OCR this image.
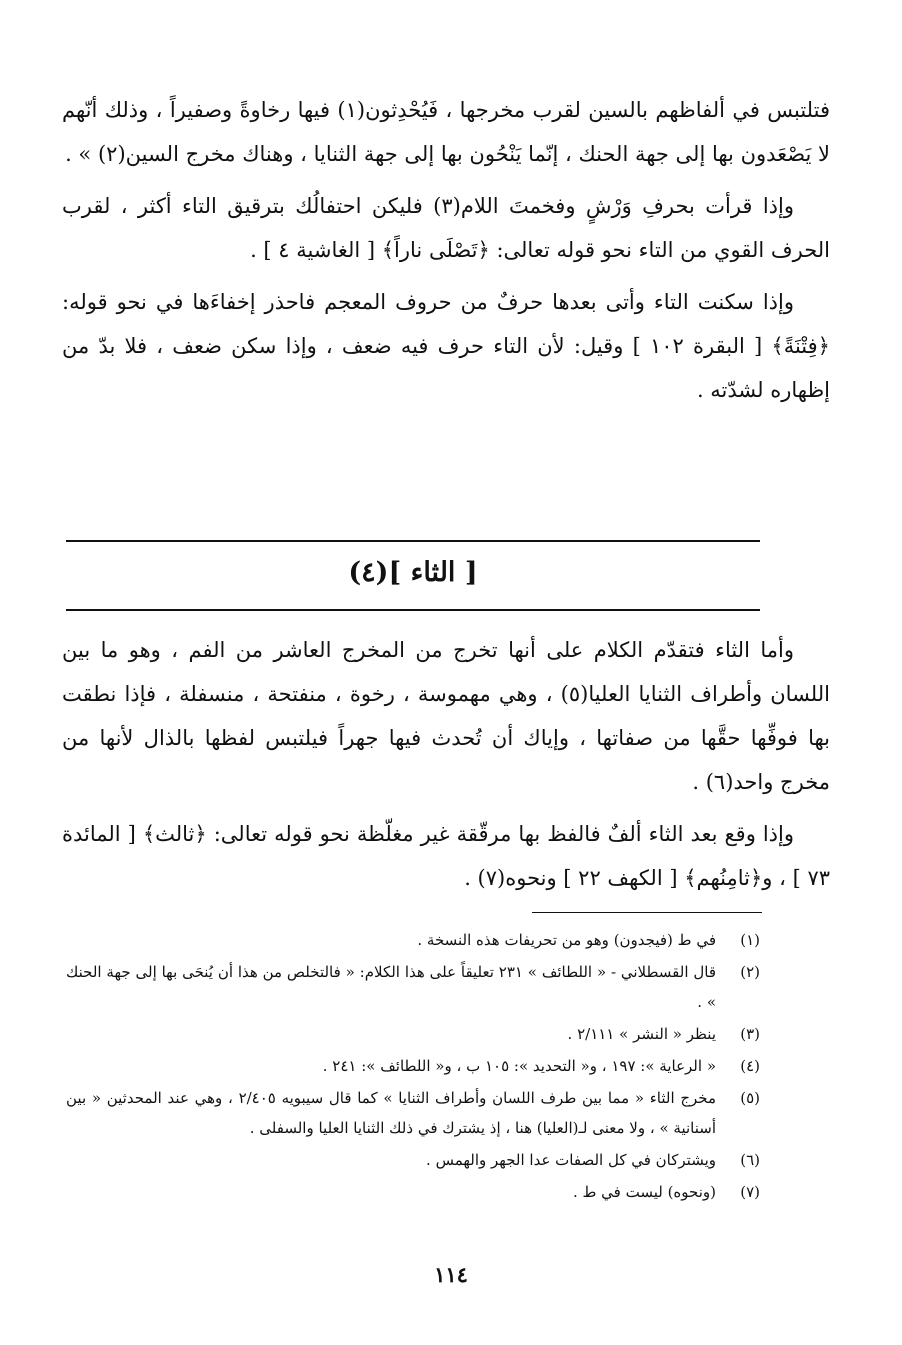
فتلتبس في ألفاظهم بالسين لقرب مخرجها ، فَيُحْدِثون(١) فيها رخاوةً وصفيراً ، وذلك أنّهم لا يَصْعَدون بها إلى جهة الحنك ، إنّما يَنْحُون بها إلى جهة الثنايا ، وهناك مخرج السين(٢) » .

وإذا قرأت بحرفِ وَرْشٍ وفخمتَ اللام(٣) فليكن احتفالُك بترقيق التاء أكثر ، لقرب الحرف القوي من التاء نحو قوله تعالى: ﴿تَصْلَى ناراً﴾ [ الغاشية ٤ ] .

وإذا سكنت التاء وأتى بعدها حرفٌ من حروف المعجم فاحذر إخفاءَها في نحو قوله: ﴿فِتْنَةً﴾ [ البقرة ١٠٢ ] وقيل: لأن التاء حرف فيه ضعف ، وإذا سكن ضعف ، فلا بدّ من إظهاره لشدّته .

[ الثاء ](٤)

وأما الثاء فتقدّم الكلام على أنها تخرج من المخرج العاشر من الفم ، وهو ما بين اللسان وأطراف الثنايا العليا(٥) ، وهي مهموسة ، رخوة ، منفتحة ، منسفلة ، فإذا نطقت بها فوفِّها حقَّها من صفاتها ، وإياك أن تُحدث فيها جهراً فيلتبس لفظها بالذال لأنها من مخرج واحد(٦) .

وإذا وقع بعد الثاء ألفٌ فالفظ بها مرقّقة غير مغلّظة نحو قوله تعالى: ﴿ثالث﴾ [ المائدة ٧٣ ] ، و﴿ثامِنُهم﴾ [ الكهف ٢٢ ] ونحوه(٧) .

(١)
في ط (فيجدون) وهو من تحريفات هذه النسخة .
(٢)
قال القسطلاني - « اللطائف » ٢٣١ تعليقاً على هذا الكلام: « فالتخلص من هذا أن يُنحَى بها إلى جهة الحنك » .
(٣)
ينظر « النشر » ٢/١١١ .
(٤)
« الرعاية »: ١٩٧ ، و« التحديد »: ١٠٥ ب ، و« اللطائف »: ٢٤١ .
(٥)
مخرج الثاء « مما بين طرف اللسان وأطراف الثنايا » كما قال سيبويه ٢/٤٠٥ ، وهي عند المحدثين « بين أسنانية » ، ولا معنى لـ(العليا) هنا ، إذ يشترك في ذلك الثنايا العليا والسفلى .
(٦)
ويشتركان في كل الصفات عدا الجهر والهمس .
(٧)
(ونحوه) ليست في ط .
١١٤
